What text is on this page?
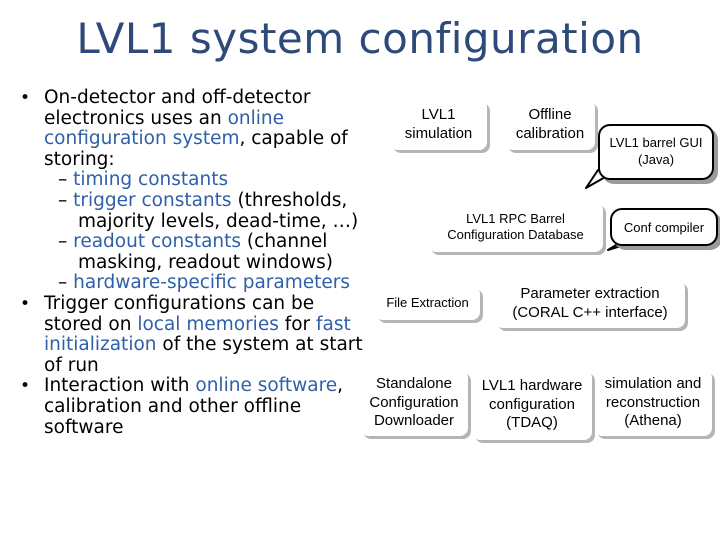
LVL1 system configuration
• On-detector and off-detector electronics uses an online configuration system, capable of storing:
– timing constants
– trigger constants (thresholds, majority levels, dead-time, …)
– readout constants (channel masking, readout windows)
– hardware-specific parameters
• Trigger configurations can be stored on local memories for fast initialization of the system at start of run
• Interaction with online software, calibration and other offline software
LVL1 simulation
Offline calibration
LVL1 barrel GUI (Java)
LVL1 RPC Barrel Configuration Database	Conf compiler
File Extraction
Parameter extraction (CORAL C++ interface)
Standalone Configuration Downloader
LVL1 hardware configuration (TDAQ)
simulation and reconstruction (Athena)
